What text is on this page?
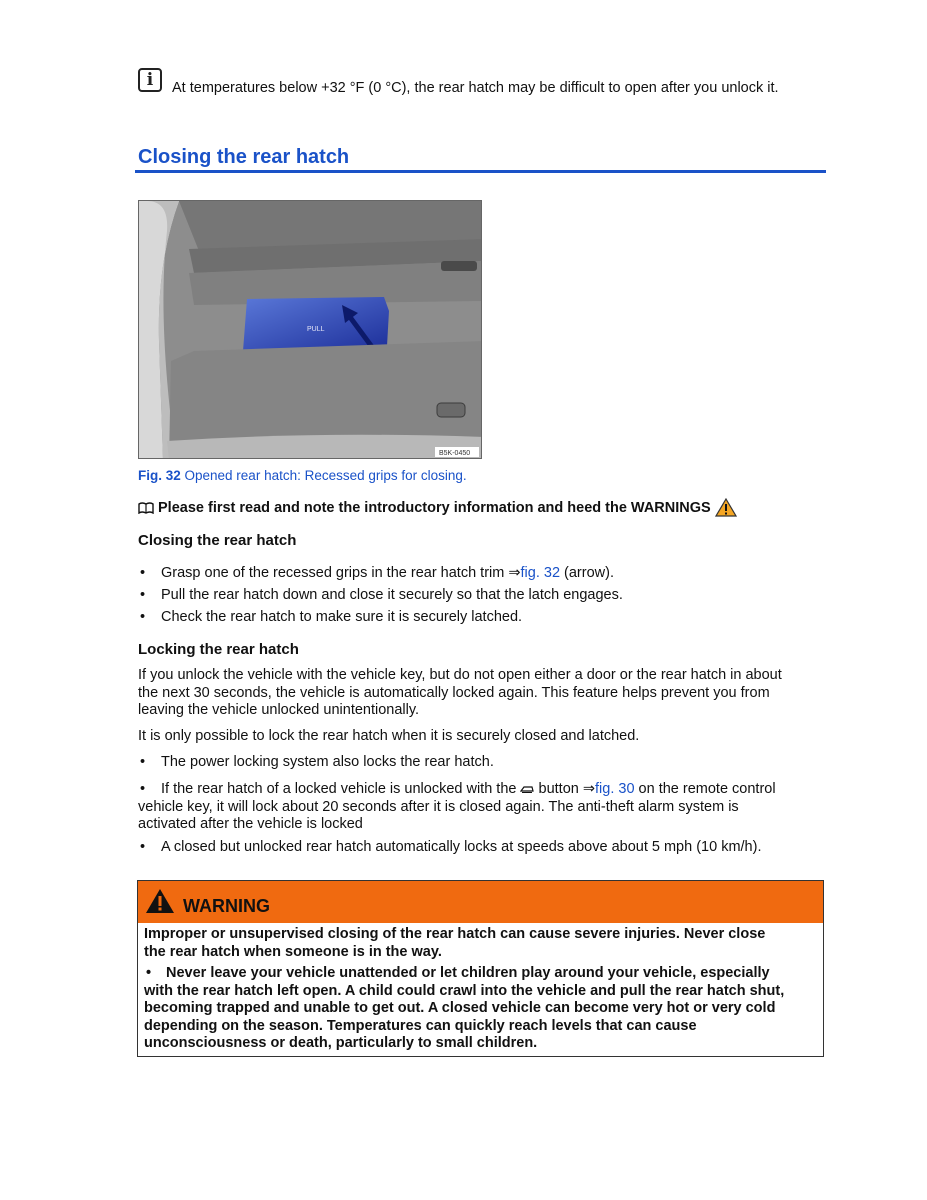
i	At temperatures below +32 °F (0 °C), the rear hatch may be difficult to open after you unlock it.
Closing the rear hatch
PULL
B5K-0450
Fig. 32 Opened rear hatch: Recessed grips for closing.
Please first read and note the introductory information and heed the WARNINGS
Closing the rear hatch
• Grasp one of the recessed grips in the rear hatch trim ⇒fig. 32 (arrow).
• Pull the rear hatch down and close it securely so that the latch engages.
• Check the rear hatch to make sure it is securely latched.
Locking the rear hatch
If you unlock the vehicle with the vehicle key, but do not open either a door or the rear hatch in about
the next 30 seconds, the vehicle is automatically locked again. This feature helps prevent you from
leaving the vehicle unlocked unintentionally.
It is only possible to lock the rear hatch when it is securely closed and latched.
• The power locking system also locks the rear hatch.
• If the rear hatch of a locked vehicle is unlocked with the  button ⇒fig. 30 on the remote control
vehicle key, it will lock about 20 seconds after it is closed again. The anti-theft alarm system is
activated after the vehicle is locked
• A closed but unlocked rear hatch automatically locks at speeds above about 5 mph (10 km/h).
WARNING
Improper or unsupervised closing of the rear hatch can cause severe injuries. Never close
the rear hatch when someone is in the way.
• Never leave your vehicle unattended or let children play around your vehicle, especially
with the rear hatch left open. A child could crawl into the vehicle and pull the rear hatch shut,
becoming trapped and unable to get out. A closed vehicle can become very hot or very cold
depending on the season. Temperatures can quickly reach levels that can cause
unconsciousness or death, particularly to small children.
